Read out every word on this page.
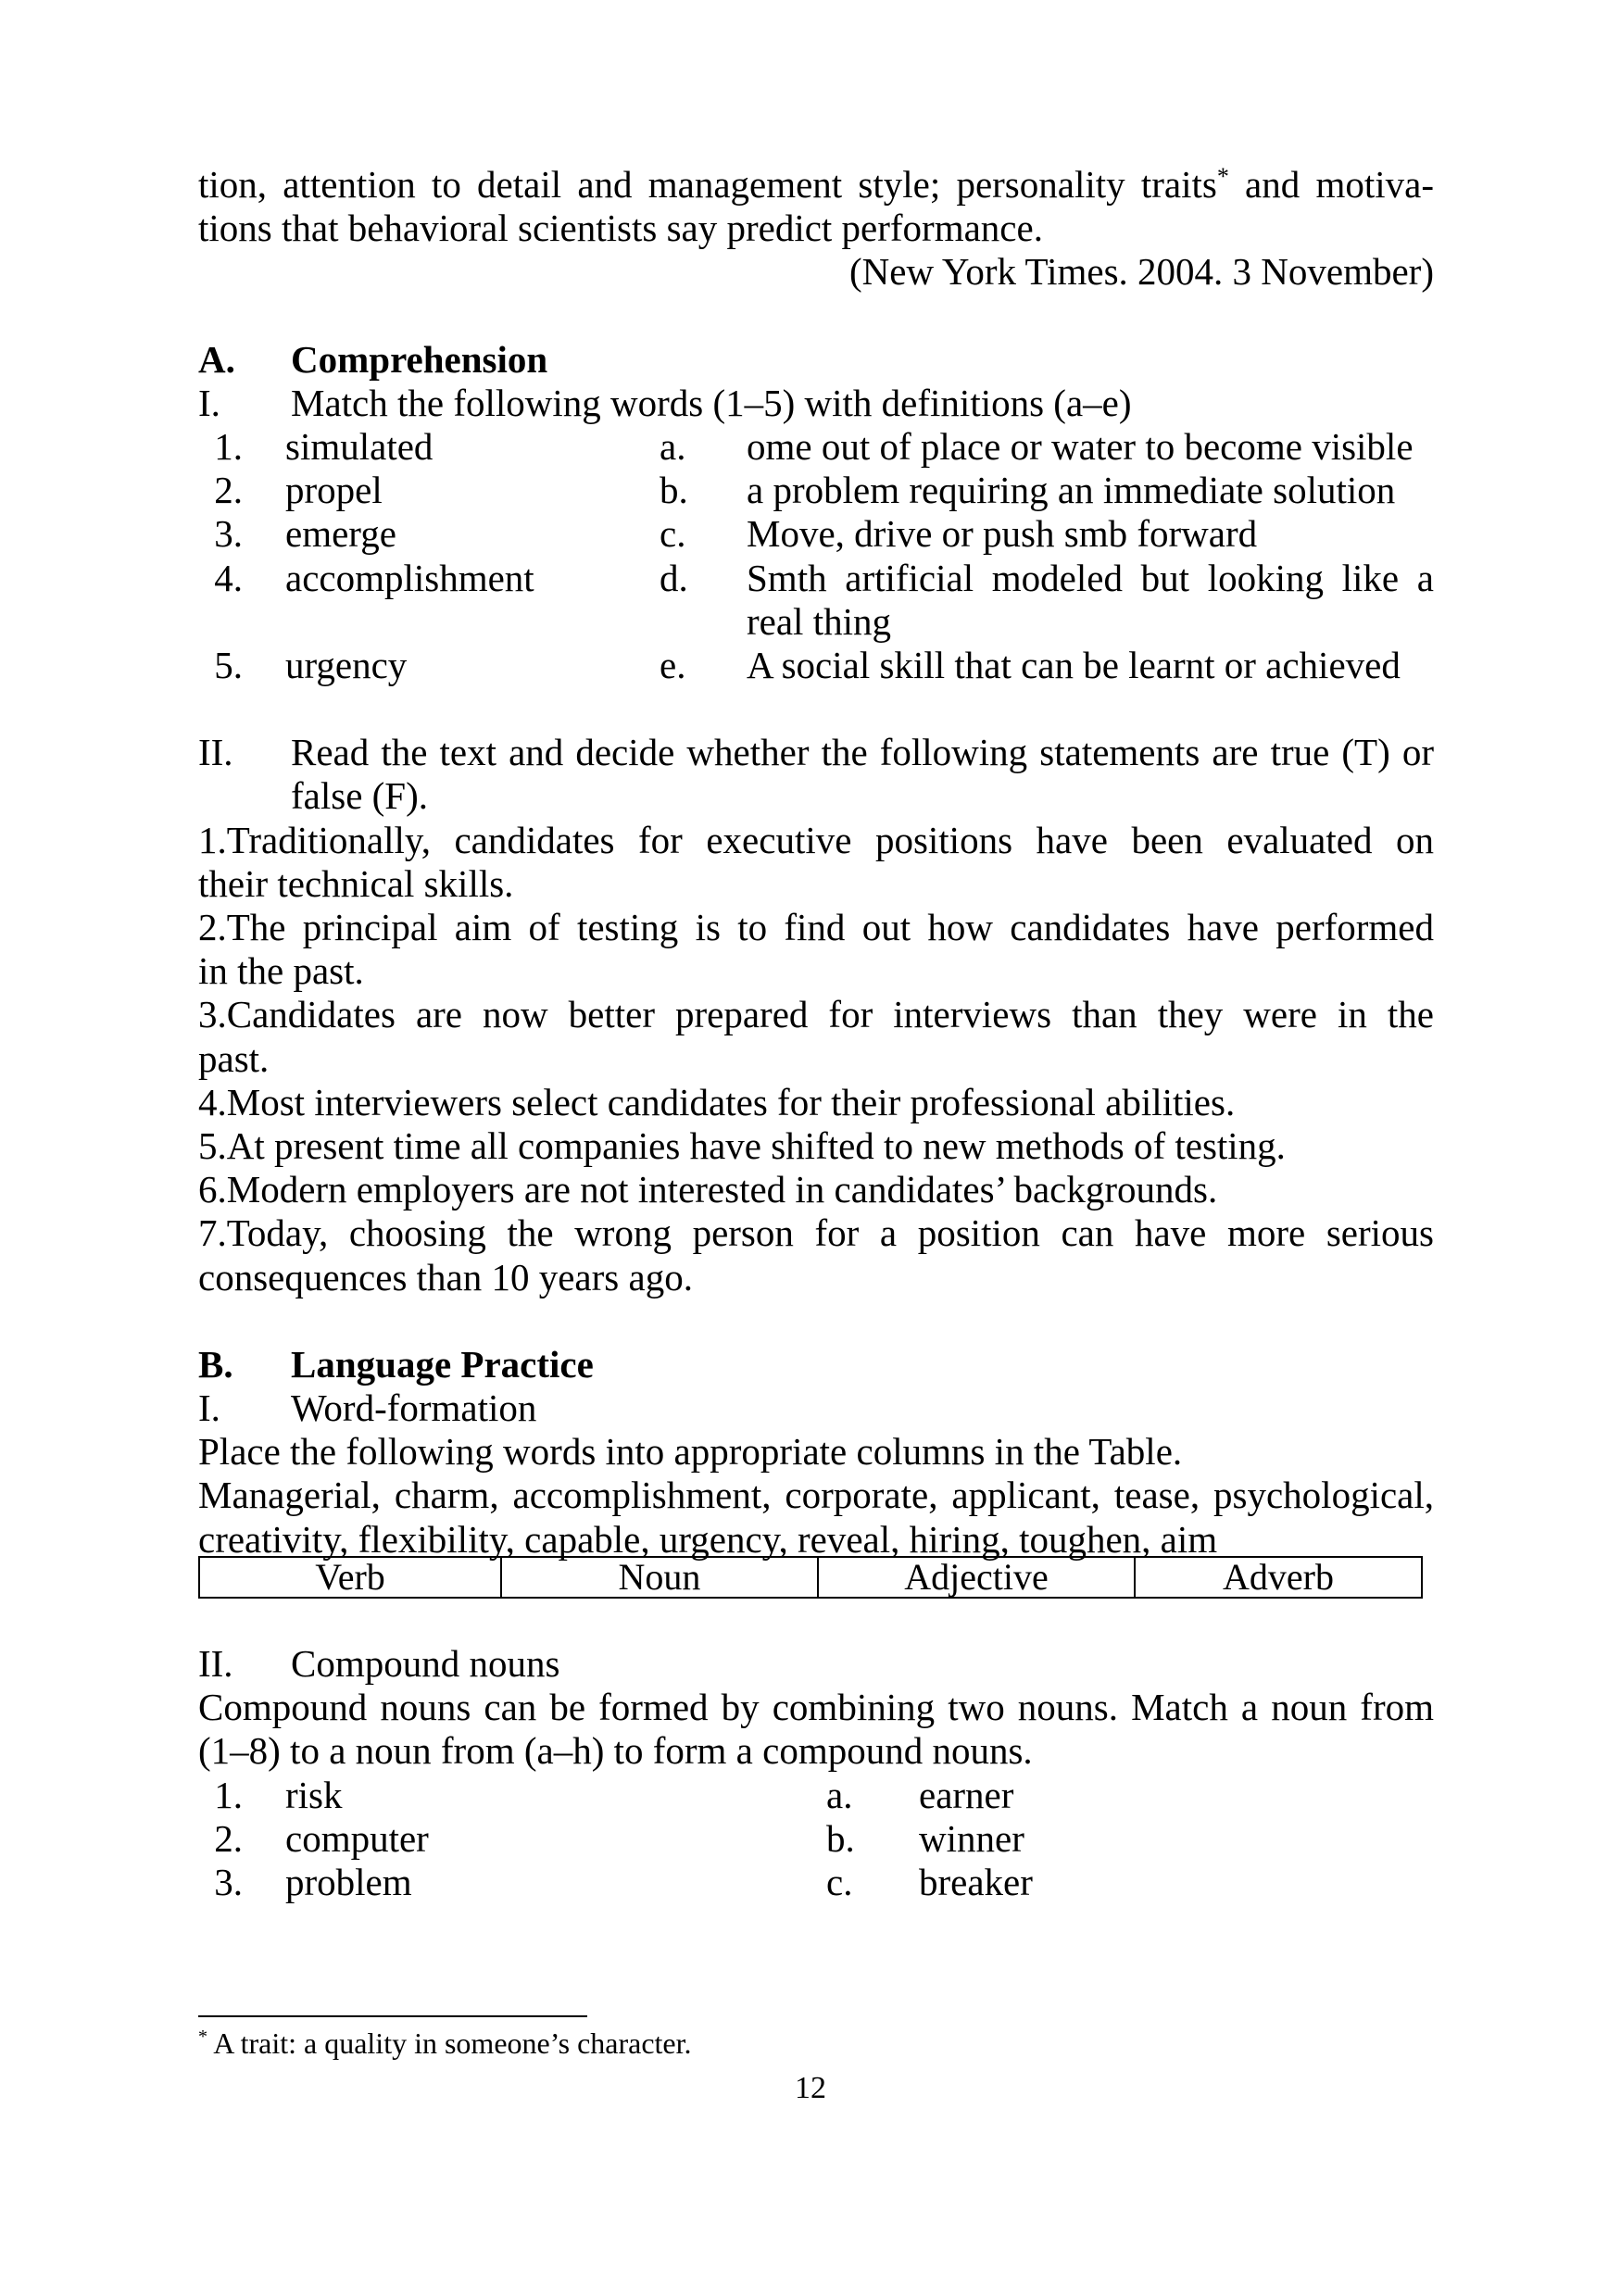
tion, attention to detail and management style; personality traits* and motiva-
tions that behavioral scientists say predict performance.
(New York Times. 2004. 3 November)
A.	Comprehension
I.	Match the following words (1–5) with definitions (a–e)
1. simulated	a.	ome out of place or water to become visible
2. propel	b.	a problem requiring an immediate solution
3. emerge	c.	Move, drive or push smb forward
4. accomplishment	d.	Smth artificial modeled but looking like a real thing
5. urgency	e.	A social skill that can be learnt or achieved
II.	Read the text and decide whether the following statements are true (T) or false (F).
1.Traditionally, candidates for executive positions have been evaluated on
their technical skills.
2.The principal aim of testing is to find out how candidates have performed
in the past.
3.Candidates are now better prepared for interviews than they were in the
past.
4.Most interviewers select candidates for their professional abilities.
5.At present time all companies have shifted to new methods of testing.
6.Modern employers are not interested in candidates’ backgrounds.
7.Today, choosing the wrong person for a position can have more serious
consequences than 10 years ago.
B.	Language Practice
I.	Word-formation
Place the following words into appropriate columns in the Table.
Managerial, charm, accomplishment, corporate, applicant, tease, psychological,
creativity, flexibility, capable, urgency, reveal, hiring, toughen, aim
Verb	Noun	Adjective	Adverb
II.	Compound nouns
Compound nouns can be formed by combining two nouns. Match a noun from
(1–8) to a noun from (a–h) to form a compound nouns.
1. risk	a.	earner
2. computer	b.	winner
3. problem	c.	breaker
* A trait: a quality in someone’s character.
12
